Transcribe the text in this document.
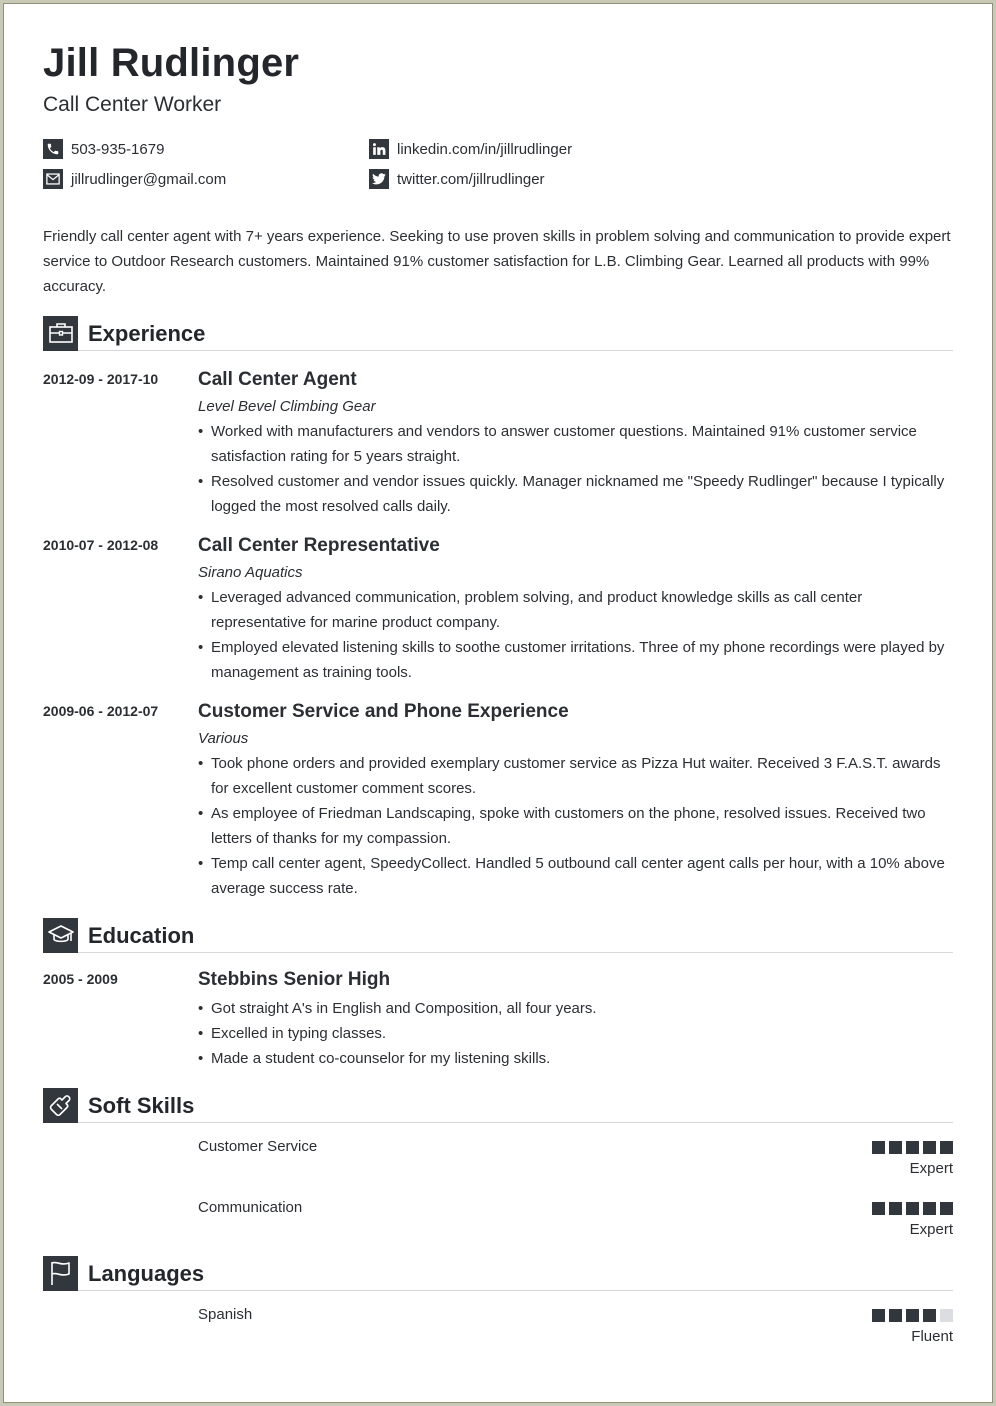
Jill Rudlinger
Call Center Worker
503-935-1679	linkedin.com/in/jillrudlinger
jillrudlinger@gmail.com	twitter.com/jillrudlinger
Friendly call center agent with 7+ years experience. Seeking to use proven skills in problem solving and communication to provide expert service to Outdoor Research customers. Maintained 91% customer satisfaction for L.B. Climbing Gear. Learned all products with 99% accuracy.
Experience
2012-09 - 2017-10	Call Center Agent
Level Bevel Climbing Gear
• Worked with manufacturers and vendors to answer customer questions. Maintained 91% customer service satisfaction rating for 5 years straight.
• Resolved customer and vendor issues quickly. Manager nicknamed me "Speedy Rudlinger" because I typically logged the most resolved calls daily.
2010-07 - 2012-08	Call Center Representative
Sirano Aquatics
• Leveraged advanced communication, problem solving, and product knowledge skills as call center representative for marine product company.
• Employed elevated listening skills to soothe customer irritations. Three of my phone recordings were played by management as training tools.
2009-06 - 2012-07	Customer Service and Phone Experience
Various
• Took phone orders and provided exemplary customer service as Pizza Hut waiter. Received 3 F.A.S.T. awards for excellent customer comment scores.
• As employee of Friedman Landscaping, spoke with customers on the phone, resolved issues. Received two letters of thanks for my compassion.
• Temp call center agent, SpeedyCollect. Handled 5 outbound call center agent calls per hour, with a 10% above average success rate.
Education
2005 - 2009	Stebbins Senior High
• Got straight A's in English and Composition, all four years.
• Excelled in typing classes.
• Made a student co-counselor for my listening skills.
Soft Skills
Customer Service
Expert
Communication
Expert
Languages
Spanish
Fluent
